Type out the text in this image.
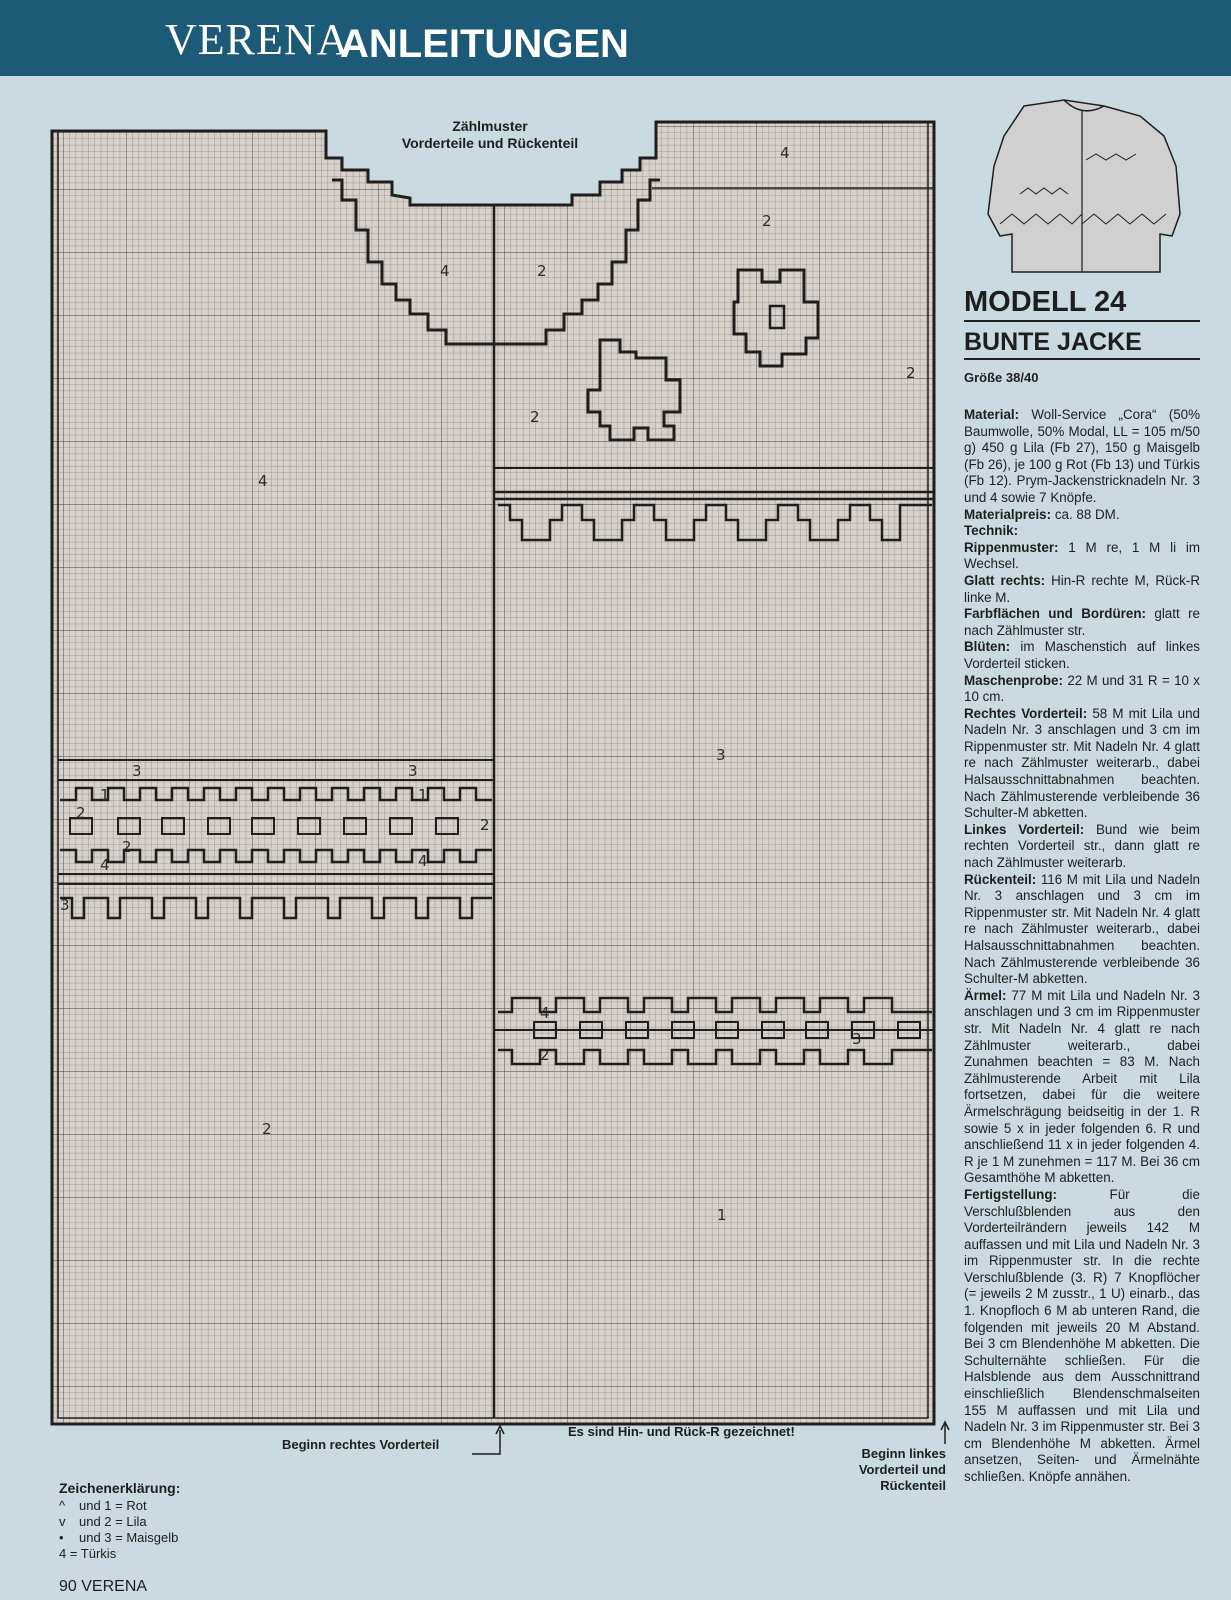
VERENA
ANLEITUNGEN
4
2
2
4
2
2
4
3
3	3
1	1
2
2
3
2
4	4
3
2
4
2
1
Zählmuster
Vorderteile und Rückenteil
Beginn rechtes Vorderteil
Es sind Hin- und Rück-R gezeichnet!
Beginn linkes
Vorderteil und
Rückenteil
Zeichenerklärung:
^ und 1 = Rot
v und 2 = Lila
• und 3 = Maisgelb
4 = Türkis
MODELL 24
BUNTE JACKE
Größe 38/40
Material: Woll-Service „Cora“ (50% Baumwolle, 50% Modal, LL = 105 m/50 g) 450 g Lila (Fb 27), 150 g Maisgelb (Fb 26), je 100 g Rot (Fb 13) und Türkis (Fb 12). Prym-Jackenstricknadeln Nr. 3 und 4 sowie 7 Knöpfe.
Materialpreis: ca. 88 DM.
Technik:
Rippenmuster: 1 M re, 1 M li im Wechsel.
Glatt rechts: Hin-R rechte M, Rück-R linke M.
Farbflächen und Bordüren: glatt re nach Zählmuster str.
Blüten: im Maschenstich auf linkes Vorderteil sticken.
Maschenprobe: 22 M und 31 R = 10 x 10 cm.
Rechtes Vorderteil: 58 M mit Lila und Nadeln Nr. 3 anschlagen und 3 cm im Rippenmuster str. Mit Nadeln Nr. 4 glatt re nach Zählmuster weiterarb., dabei Halsausschnittabnahmen beachten. Nach Zählmusterende verbleibende 36 Schulter-M abketten.
Linkes Vorderteil: Bund wie beim rechten Vorderteil str., dann glatt re nach Zählmuster weiterarb.
Rückenteil: 116 M mit Lila und Nadeln Nr. 3 anschlagen und 3 cm im Rippenmuster str. Mit Nadeln Nr. 4 glatt re nach Zählmuster weiterarb., dabei Halsausschnittabnahmen beachten. Nach Zählmusterende verbleibende 36 Schulter-M abketten.
Ärmel: 77 M mit Lila und Nadeln Nr. 3 anschlagen und 3 cm im Rippenmuster str. Mit Nadeln Nr. 4 glatt re nach Zählmuster weiterarb., dabei Zunahmen beachten = 83 M. Nach Zählmusterende Arbeit mit Lila fortsetzen, dabei für die weitere Ärmelschrägung beidseitig in der 1. R sowie 5 x in jeder folgenden 6. R und anschließend 11 x in jeder folgenden 4. R je 1 M zunehmen = 117 M. Bei 36 cm Gesamthöhe M abketten.
Fertigstellung:	Für die Verschlußblenden aus den Vorderteilrändern jeweils 142 M auffassen und mit Lila und Nadeln Nr. 3 im Rippenmuster str. In die rechte Verschlußblende (3. R) 7 Knopflöcher (= jeweils 2 M zusstr., 1 U) einarb., das 1. Knopfloch 6 M ab unteren Rand, die folgenden mit jeweils 20 M Abstand. Bei 3 cm Blendenhöhe M abketten. Die Schulternähte schließen. Für die Halsblende aus dem Ausschnittrand einschließlich Blendenschmalseiten 155 M auffassen und mit Lila und Nadeln Nr. 3 im Rippenmuster str. Bei 3 cm Blendenhöhe M abketten. Ärmel ansetzen, Seiten- und Ärmelnähte schließen. Knöpfe annähen.
90 VERENA
